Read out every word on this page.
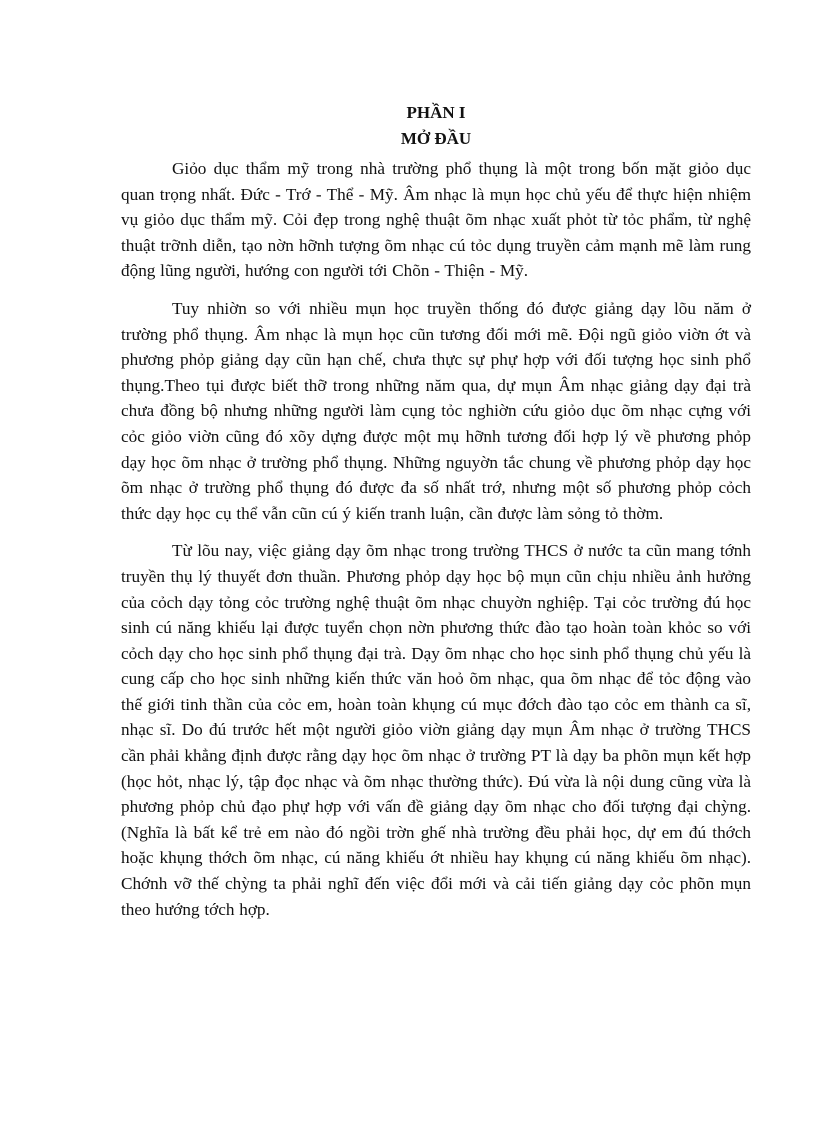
PHẦN I

MỞ ĐẦU

Giỏo dục thẩm mỹ trong nhà trường phổ thụng là một trong bốn mặt giỏo dục quan trọng nhất. Đức - Trớ - Thể - Mỹ. Âm nhạc là mụn học chủ yếu để thực hiện nhiệm vụ giỏo dục thẩm mỹ. Cỏi đẹp trong nghệ thuật õm nhạc xuất phỏt từ tỏc phẩm, từ nghệ thuật trỡnh diễn, tạo nờn hỡnh tượng õm nhạc cú tỏc dụng truyền cảm mạnh mẽ làm rung động lũng người, hướng con người tới Chõn - Thiện - Mỹ.

Tuy nhiờn so với nhiều mụn học truyền thống đó được giảng dạy lõu năm ở trường phổ thụng. Âm nhạc là mụn học cũn tương đối mới mẽ. Đội ngũ giỏo viờn ớt và phương phỏp giảng dạy cũn hạn chế, chưa thực sự phự hợp với đối tượng học sinh phổ thụng.Theo tụi được biết thỡ trong những năm qua, dự mụn Âm nhạc giảng dạy đại trà chưa đồng bộ nhưng những người làm cụng tỏc nghiờn cứu giỏo dục õm nhạc cựng với cỏc giỏo viờn cũng đó xõy dựng được một mụ hỡnh tương đối hợp lý về phương phỏp dạy học õm nhạc ở trường phổ thụng. Những nguyờn tắc chung về phương phỏp dạy học õm nhạc ở trường phổ thụng đó được đa số nhất trớ, nhưng một số phương phỏp cỏch thức dạy học cụ thể vẫn cũn cú ý kiến tranh luận, cần được làm sỏng tỏ thờm.

Từ lõu nay, việc giảng dạy õm nhạc trong trường THCS ở nước ta cũn mang tớnh truyền thụ lý thuyết đơn thuần. Phương phỏp dạy học bộ mụn cũn chịu nhiều ảnh hưởng của cỏch dạy tỏng cỏc trường nghệ thuật õm nhạc chuyờn nghiệp. Tại cỏc trường đú học sinh cú năng khiếu lại được tuyển chọn nờn phương thức đào tạo hoàn toàn khỏc so với cỏch dạy cho học sinh phổ thụng đại trà. Dạy õm nhạc cho học sinh phổ thụng chủ yếu là cung cấp cho học sinh những kiến thức văn hoỏ õm nhạc, qua õm nhạc để tỏc động vào thế giới tinh thần của cỏc em, hoàn toàn khụng cú mục đớch đào tạo cỏc em thành ca sĩ, nhạc sĩ. Do đú trước hết một người giỏo viờn giảng dạy mụn Âm nhạc ở trường THCS cần phải khẳng định được rằng dạy học õm nhạc ở trường PT là dạy ba phõn mụn kết hợp (học hỏt, nhạc lý, tập đọc nhạc và õm nhạc thường thức). Đú vừa là nội dung cũng vừa là phương phỏp chủ đạo phự hợp với vấn đề giảng dạy õm nhạc cho đối tượng đại chỳng. (Nghĩa là bất kể trẻ em nào đó ngồi trờn ghế nhà trường đều phải học, dự em đú thớch hoặc khụng thớch õm nhạc, cú năng khiếu ớt nhiều hay khụng cú năng khiếu õm nhạc). Chớnh vỡ thế chỳng ta phải nghĩ đến việc đổi mới và cải tiến giảng dạy cỏc phõn mụn theo hướng tớch hợp.
